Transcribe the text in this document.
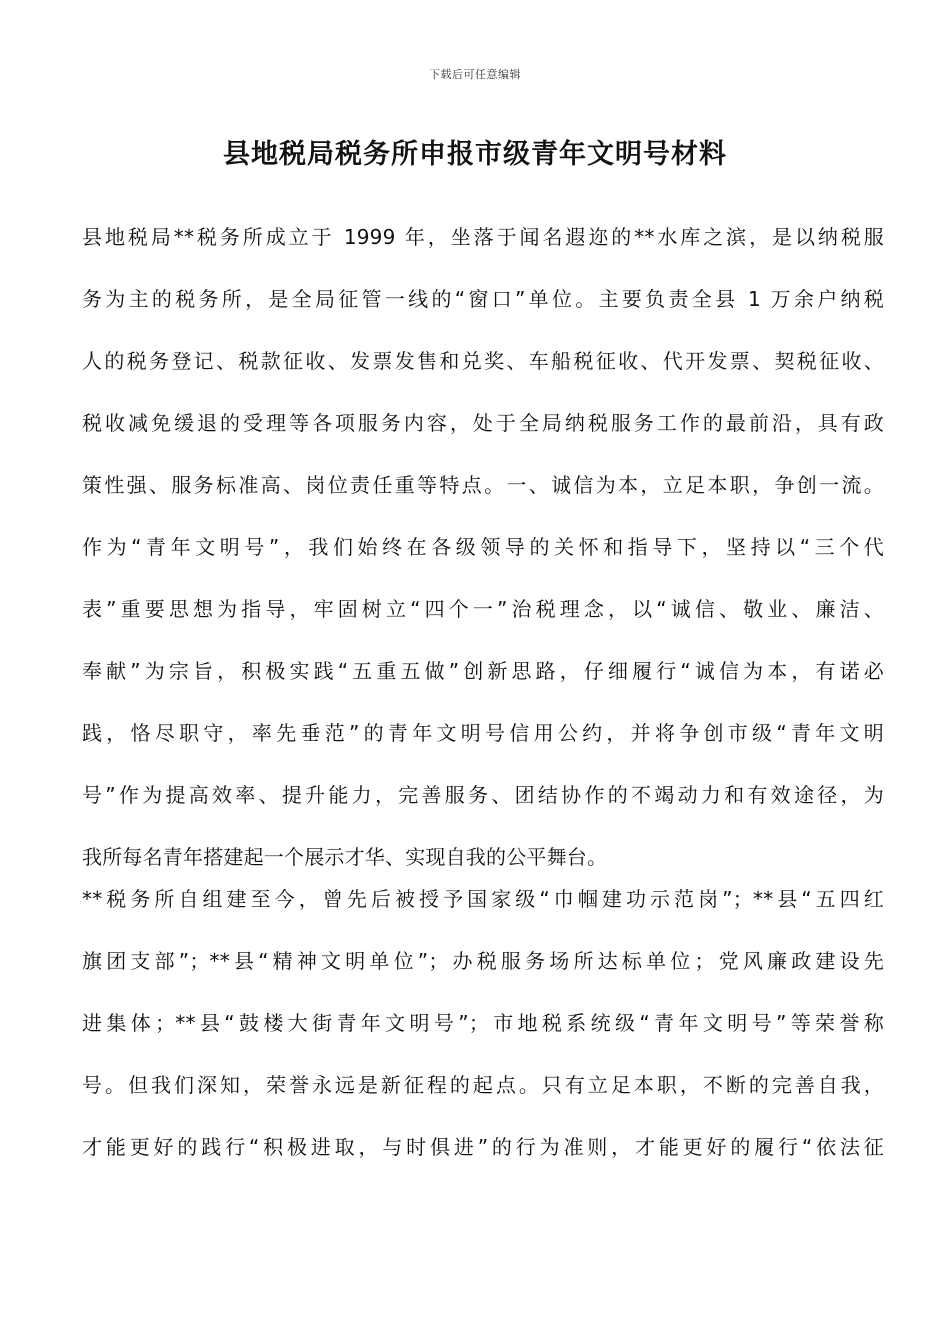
下载后可任意编辑
县地税局税务所申报市级青年文明号材料
县地税局**税务所成立于 1999 年，坐落于闻名遐迩的**水库之滨，是以纳税服
务为主的税务所，是全局征管一线的“窗口”单位。主要负责全县 1 万余户纳税
人的税务登记、税款征收、发票发售和兑奖、车船税征收、代开发票、契税征收、
税收减免缓退的受理等各项服务内容，处于全局纳税服务工作的最前沿，具有政
策性强、服务标准高、岗位责任重等特点。一、诚信为本，立足本职，争创一流。
作为“青年文明号”，我们始终在各级领导的关怀和指导下，坚持以“三个代
表”重要思想为指导，牢固树立“四个一”治税理念，以“诚信、敬业、廉洁、
奉献”为宗旨，积极实践“五重五做”创新思路，仔细履行“诚信为本，有诺必
践，恪尽职守，率先垂范”的青年文明号信用公约，并将争创市级“青年文明
号”作为提高效率、提升能力，完善服务、团结协作的不竭动力和有效途径，为
我所每名青年搭建起一个展示才华、实现自我的公平舞台。
**税务所自组建至今，曾先后被授予国家级“巾帼建功示范岗”；**县“五四红
旗团支部”；**县“精神文明单位”；办税服务场所达标单位；党风廉政建设先
进集体；**县“鼓楼大街青年文明号”；市地税系统级“青年文明号”等荣誉称
号。但我们深知，荣誉永远是新征程的起点。只有立足本职，不断的完善自我，
才能更好的践行“积极进取，与时俱进”的行为准则，才能更好的履行“依法征
